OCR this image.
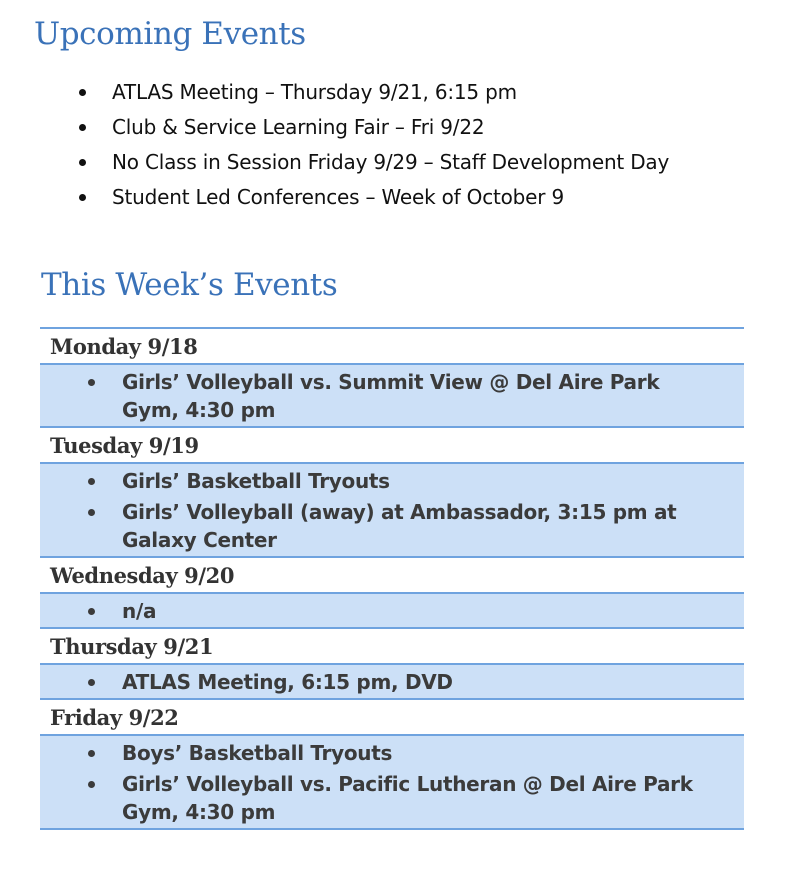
Upcoming Events
ATLAS Meeting – Thursday 9/21, 6:15 pm
Club & Service Learning Fair – Fri 9/22
No Class in Session Friday 9/29 – Staff Development Day
Student Led Conferences – Week of October 9
This Week’s Events
Monday 9/18
Girls’ Volleyball vs. Summit View @ Del Aire Park Gym, 4:30 pm
Tuesday 9/19
Girls’ Basketball Tryouts
Girls’ Volleyball (away) at Ambassador, 3:15 pm at Galaxy Center
Wednesday 9/20
n/a
Thursday 9/21
ATLAS Meeting, 6:15 pm, DVD
Friday 9/22
Boys’ Basketball Tryouts
Girls’ Volleyball vs. Pacific Lutheran @ Del Aire Park Gym, 4:30 pm
